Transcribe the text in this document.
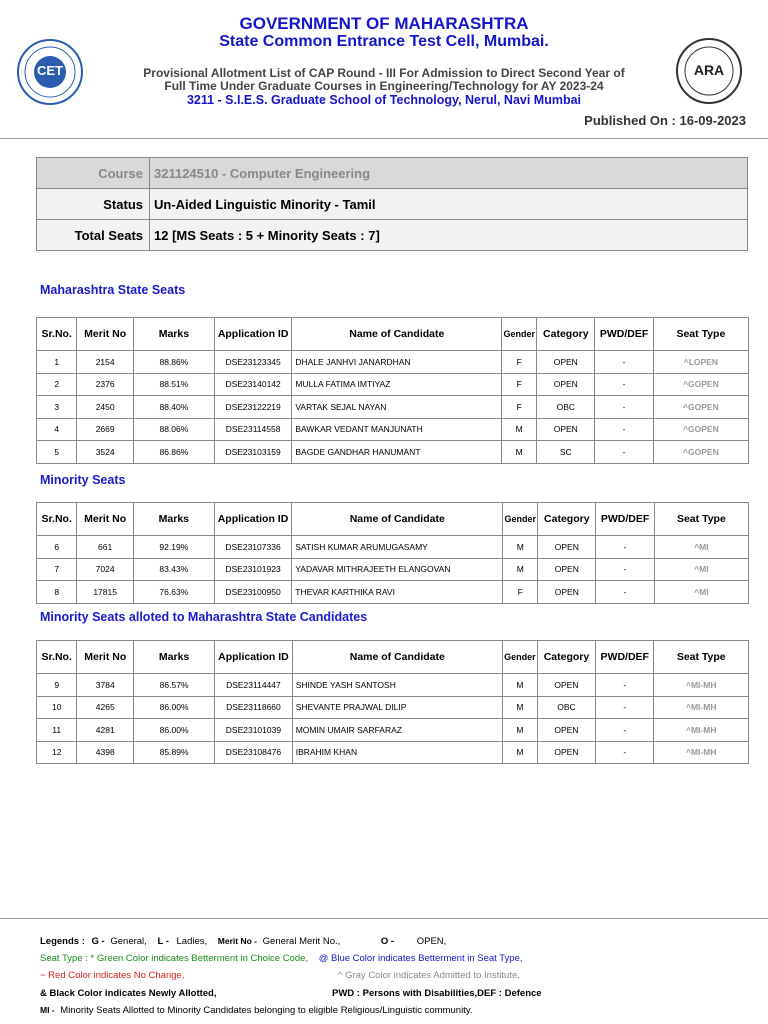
CET	ARA
GOVERNMENT OF MAHARASHTRA
State Common Entrance Test Cell, Mumbai.
Provisional Allotment List of CAP Round - III For Admission to Direct Second Year of
Full Time Under Graduate Courses in Engineering/Technology for AY 2023-24
3211 - S.I.E.S. Graduate School of Technology, Nerul, Navi Mumbai
Published On : 16-09-2023
Course	321124510 - Computer Engineering
Status	Un-Aided Linguistic Minority - Tamil
Total Seats	12 [MS Seats : 5 + Minority Seats : 7]
Maharashtra State Seats
Minority Seats
Minority Seats alloted to Maharashtra State Candidates
Sr.No.	Merit No	Marks	Application ID	Name of Candidate	Gender	Category	PWD/DEF	Seat Type
1	2154	88.86%	DSE23123345	DHALE JANHVI JANARDHAN	F	OPEN	-	^LOPEN
2	2376	88.51%	DSE23140142	MULLA FATIMA IMTIYAZ	F	OPEN	-	^GOPEN
3	2450	88.40%	DSE23122219	VARTAK SEJAL NAYAN	F	OBC	-	^GOPEN
4	2669	88.06%	DSE23114558	BAWKAR VEDANT MANJUNATH	M	OPEN	-	^GOPEN
5	3524	86.86%	DSE23103159	BAGDE GANDHAR HANUMANT	M	SC	-	^GOPEN
Sr.No.	Merit No	Marks	Application ID	Name of Candidate	Gender	Category	PWD/DEF	Seat Type
6	661	92.19%	DSE23107336	SATISH KUMAR ARUMUGASAMY	M	OPEN	-	^MI
7	7024	83.43%	DSE23101923	YADAVAR MITHRAJEETH ELANGOVAN	M	OPEN	-	^MI
8	17815	76.63%	DSE23100950	THEVAR KARTHIKA RAVI	F	OPEN	-	^MI
Sr.No.	Merit No	Marks	Application ID	Name of Candidate	Gender	Category	PWD/DEF	Seat Type
9	3784	86.57%	DSE23114447	SHINDE YASH SANTOSH	M	OPEN	-	^MI-MH
10	4265	86.00%	DSE23118660	SHEVANTE PRAJWAL DILIP	M	OBC	-	^MI-MH
11	4281	86.00%	DSE23101039	MOMIN UMAIR SARFARAZ	M	OPEN	-	^MI-MH
12	4398	85.89%	DSE23108476	IBRAHIM KHAN	M	OPEN	-	^MI-MH
Legends : G - General, L - Ladies, Merit No - General Merit No.,	O - OPEN,
Seat Type : * Green Color indicates Betterment in Choice Code, @ Blue Color indicates Betterment in Seat Type,
~ Red Color indicates No Change,	^ Gray Color indicates Admitted to Institute,
& Black Color indicates Newly Allotted,	PWD : Persons with Disabilities,DEF : Defence
MI - Minority Seats Allotted to Minority Candidates belonging to eligible Religious/Linguistic community.
